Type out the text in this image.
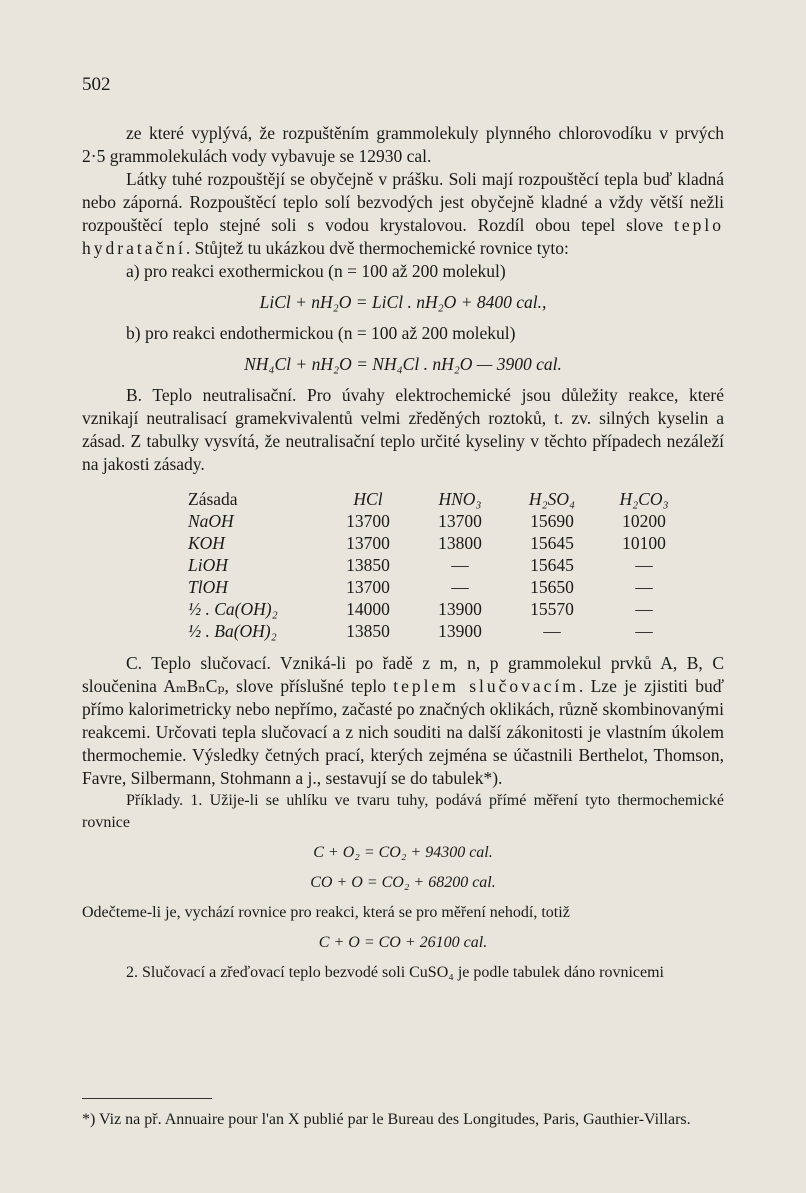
502

ze které vyplývá, že rozpuštěním grammolekuly plynného chlorovodíku v prvých 2·5 grammolekulách vody vybavuje se 12930 cal.

Látky tuhé rozpouštějí se obyčejně v prášku. Soli mají rozpouštěcí tepla buď kladná nebo záporná. Rozpouštěcí teplo solí bezvodých jest obyčejně kladné a vždy větší nežli rozpouštěcí teplo stejné soli s vodou krystalovou. Rozdíl obou tepel slove teplo hydratační. Stůjtež tu ukázkou dvě thermochemické rovnice tyto:

a) pro reakci exothermickou (n = 100 až 200 molekul)

LiCl + nH₂O = LiCl . nH₂O + 8400 cal.,

b) pro reakci endothermickou (n = 100 až 200 molekul)

NH₄Cl + nH₂O = NH₄Cl . nH₂O — 3900 cal.

B. Teplo neutralisační. Pro úvahy elektrochemické jsou důležity reakce, které vznikají neutralisací gramekvivalentů velmi zředěných roztoků, t. zv. silných kyselin a zásad. Z tabulky vysvítá, že neutralisační teplo určité kyseliny v těchto případech nezáleží na jakosti zásady.

Zásada	HCl	HNO₃	H₂SO₄	H₂CO₃
NaOH	13700	13700	15690	10200
KOH	13700	13800	15645	10100
LiOH	13850	—	15645	—
TlOH	13700	—	15650	—
½ . Ca(OH)₂	14000	13900	15570	—
½ . Ba(OH)₂	13850	13900	—	—

C. Teplo slučovací. Vzniká-li po řadě z m, n, p grammolekul prvků A, B, C sloučenina AₘBₙCₚ, slove příslušné teplo teplem slučovacím. Lze je zjistiti buď přímo kalorimetricky nebo nepřímo, začasté po značných oklikách, různě skombinovanými reakcemi. Určovati tepla slučovací a z nich souditi na další zákonitosti je vlastním úkolem thermochemie. Výsledky četných prací, kterých zejména se účastnili Berthelot, Thomson, Favre, Silbermann, Stohmann a j., sestavují se do tabulek*).

Příklady. 1. Užije-li se uhlíku ve tvaru tuhy, podává přímé měření tyto thermochemické rovnice

C + O₂ = CO₂ + 94300 cal.
CO + O = CO₂ + 68200 cal.

Odečteme-li je, vychází rovnice pro reakci, která se pro měření nehodí, totiž

C + O = CO + 26100 cal.

2. Slučovací a zřeďovací teplo bezvodé soli CuSO₄ je podle tabulek dáno rovnicemi

*) Viz na př. Annuaire pour l'an X publié par le Bureau des Longitudes, Paris, Gauthier-Villars.
